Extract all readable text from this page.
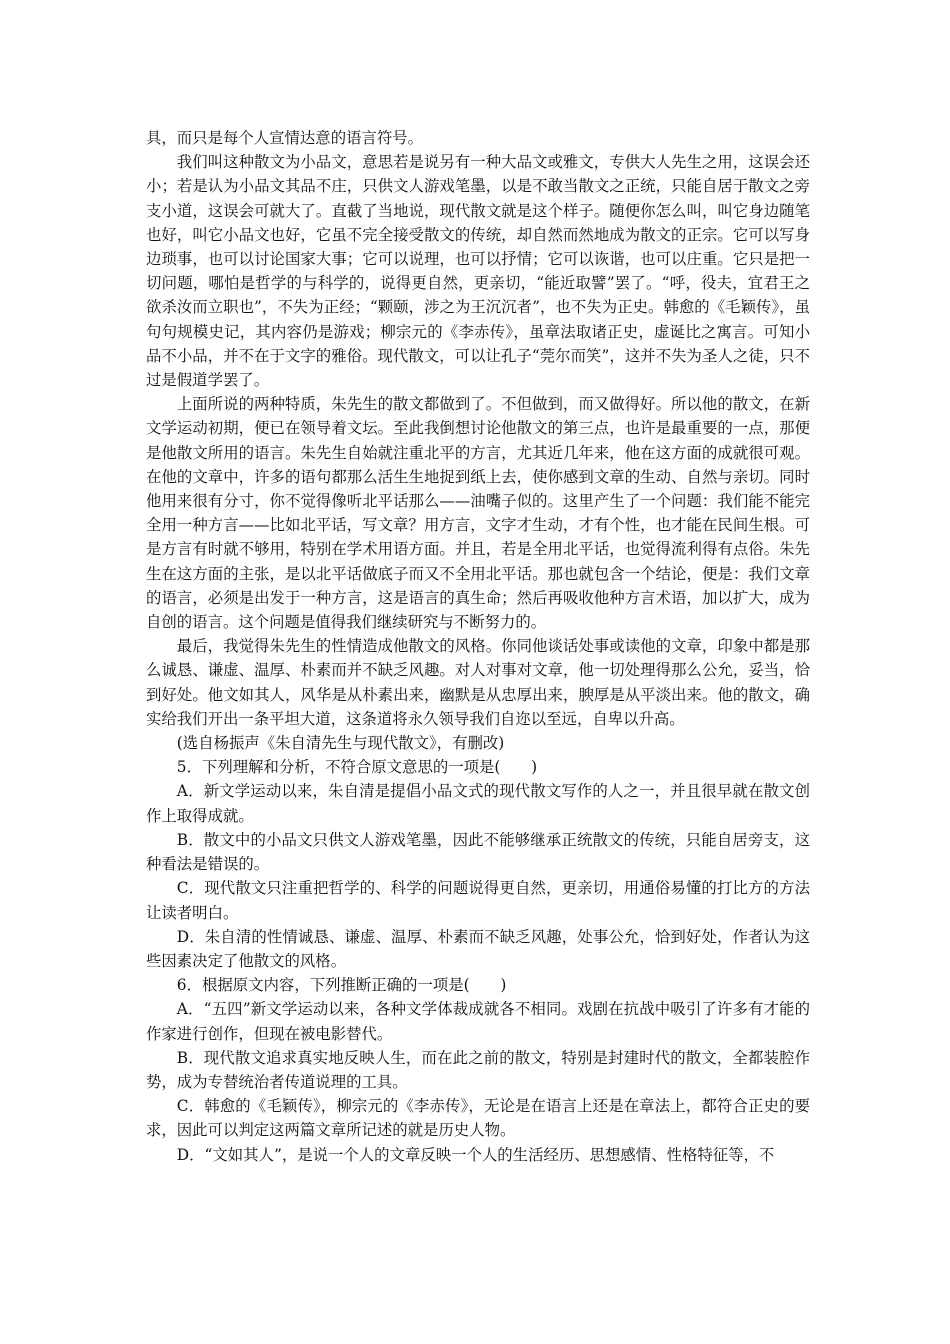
具，而只是每个人宣情达意的语言符号。

我们叫这种散文为小品文，意思若是说另有一种大品文或雅文，专供大人先生之用，这误会还小；若是认为小品文其品不庄，只供文人游戏笔墨，以是不敢当散文之正统，只能自居于散文之旁支小道，这误会可就大了。直截了当地说，现代散文就是这个样子。随便你怎么叫，叫它身边随笔也好，叫它小品文也好，它虽不完全接受散文的传统，却自然而然地成为散文的正宗。它可以写身边琐事，也可以讨论国家大事；它可以说理，也可以抒情；它可以诙谐，也可以庄重。它只是把一切问题，哪怕是哲学的与科学的，说得更自然，更亲切，“能近取譬”罢了。“呼，役夫，宜君王之欲杀汝而立职也”，不失为正经；“颗颐，涉之为王沉沉者”，也不失为正史。韩愈的《毛颖传》，虽句句规模史记，其内容仍是游戏；柳宗元的《李赤传》，虽章法取诸正史，虚诞比之寓言。可知小品不小品，并不在于文字的雅俗。现代散文，可以让孔子“莞尔而笑”，这并不失为圣人之徒，只不过是假道学罢了。

上面所说的两种特质，朱先生的散文都做到了。不但做到，而又做得好。所以他的散文，在新文学运动初期，便已在领导着文坛。至此我倒想讨论他散文的第三点，也许是最重要的一点，那便是他散文所用的语言。朱先生自始就注重北平的方言，尤其近几年来，他在这方面的成就很可观。在他的文章中，许多的语句都那么活生生地捉到纸上去，使你感到文章的生动、自然与亲切。同时他用来很有分寸，你不觉得像听北平话那么——油嘴子似的。这里产生了一个问题：我们能不能完全用一种方言——比如北平话，写文章？用方言，文字才生动，才有个性，也才能在民间生根。可是方言有时就不够用，特别在学术用语方面。并且，若是全用北平话，也觉得流利得有点俗。朱先生在这方面的主张，是以北平话做底子而又不全用北平话。那也就包含一个结论，便是：我们文章的语言，必须是出发于一种方言，这是语言的真生命；然后再吸收他种方言术语，加以扩大，成为自创的语言。这个问题是值得我们继续研究与不断努力的。

最后，我觉得朱先生的性情造成他散文的风格。你同他谈话处事或读他的文章，印象中都是那么诚恳、谦虚、温厚、朴素而并不缺乏风趣。对人对事对文章，他一切处理得那么公允，妥当，恰到好处。他文如其人，风华是从朴素出来，幽默是从忠厚出来，腴厚是从平淡出来。他的散文，确实给我们开出一条平坦大道，这条道将永久领导我们自迩以至远，自卑以升高。

(选自杨振声《朱自清先生与现代散文》，有删改)

5．下列理解和分析，不符合原文意思的一项是(　　)

A．新文学运动以来，朱自清是提倡小品文式的现代散文写作的人之一，并且很早就在散文创作上取得成就。

B．散文中的小品文只供文人游戏笔墨，因此不能够继承正统散文的传统，只能自居旁支，这种看法是错误的。

C．现代散文只注重把哲学的、科学的问题说得更自然，更亲切，用通俗易懂的打比方的方法让读者明白。

D．朱自清的性情诚恳、谦虚、温厚、朴素而不缺乏风趣，处事公允，恰到好处，作者认为这些因素决定了他散文的风格。

6．根据原文内容，下列推断正确的一项是(　　)

A．“五四”新文学运动以来，各种文学体裁成就各不相同。戏剧在抗战中吸引了许多有才能的作家进行创作，但现在被电影替代。

B．现代散文追求真实地反映人生，而在此之前的散文，特别是封建时代的散文，全都装腔作势，成为专替统治者传道说理的工具。

C．韩愈的《毛颖传》，柳宗元的《李赤传》，无论是在语言上还是在章法上，都符合正史的要求，因此可以判定这两篇文章所记述的就是历史人物。

D．“文如其人”，是说一个人的文章反映一个人的生活经历、思想感情、性格特征等，不
